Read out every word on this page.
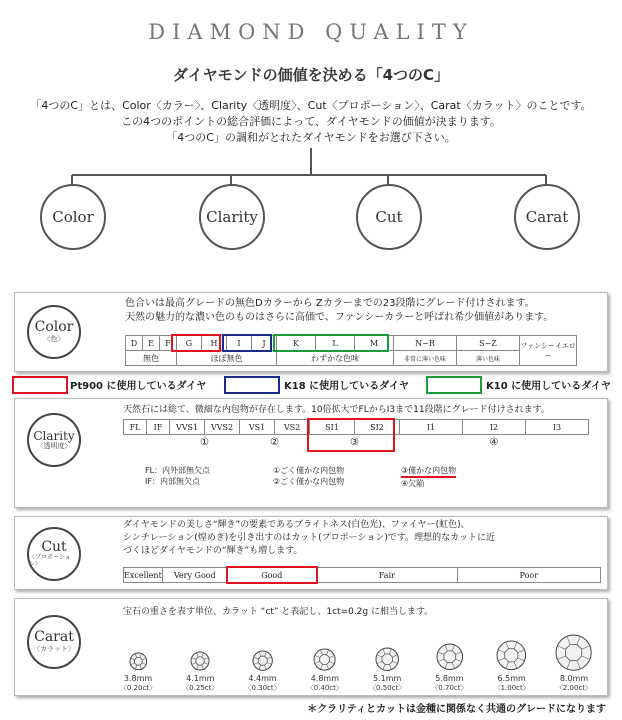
DIAMOND QUALITY
ダイヤモンドの価値を決める「4つのC」
「4つのC」とは、Color〈カラー〉、Clarity〈透明度〉、Cut〈プロポーション〉、Carat〈カラット〉のことです。
この4つのポイントの総合評価によって、ダイヤモンドの価値が決まります。
「4つのC」の調和がとれたダイヤモンドをお選び下さい。
Color	Clarity	Cut	Carat
Color
〈色〉
色合いは最高グレードの無色Dカラーから Zカラーまでの23段階にグレード付けされます。
天然の魅力的な濃い色のものはさらに高価で、ファンシーカラーと呼ばれ希少価値があります。
D	E	F	G	H	I	J	K	L	M	N~R	S~Z	ファンシーイエロー
無色			ほぼ無色				わずかな色味			非常に薄い色味	薄い色味	
Pt900 に使用しているダイヤ	K18 に使用しているダイヤ	K10 に使用しているダイヤ
Clarity
〈透明度〉
天然石には総て、微細な内包物が存在します。10倍拡大でFLからI3まで11段階にグレード付けされます。
FL	IF	VVS1	VVS2	VS1	VS2	SI1	SI2	I1	I2	I3
		①		②		③		④		
FL：内外部無欠点
IF：内部無欠点
①ごく僅かな内包物
②ごく僅かな内包物
③僅かな内包物
④欠陥
Cut
〈プロポーション〉
ダイヤモンドの美しさ“輝き”の要素であるブライトネス(白色光)、ファイヤー(虹色)、
シンチレーション(煌めき)を引き出すのはカット(プロポーション)です。理想的なカットに近
づくほどダイヤモンドの“輝き”も増します。
Excellent	Very Good	Good	Fair	Poor
Carat
〈カラット〉
宝石の重さを表す単位、カラット “ct” と表記し、1ct=0.2g に相当します。
3.8mm
〈0.20ct〉
4.1mm
〈0.25ct〉
4.4mm
〈0.30ct〉
4.8mm
〈0.40ct〉
5.1mm
〈0.50ct〉
5.8mm
〈0.70ct〉
6.5mm
〈1.00ct〉
8.0mm
〈2.00ct〉
＊クラリティとカットは金種に関係なく共通のグレードになります
